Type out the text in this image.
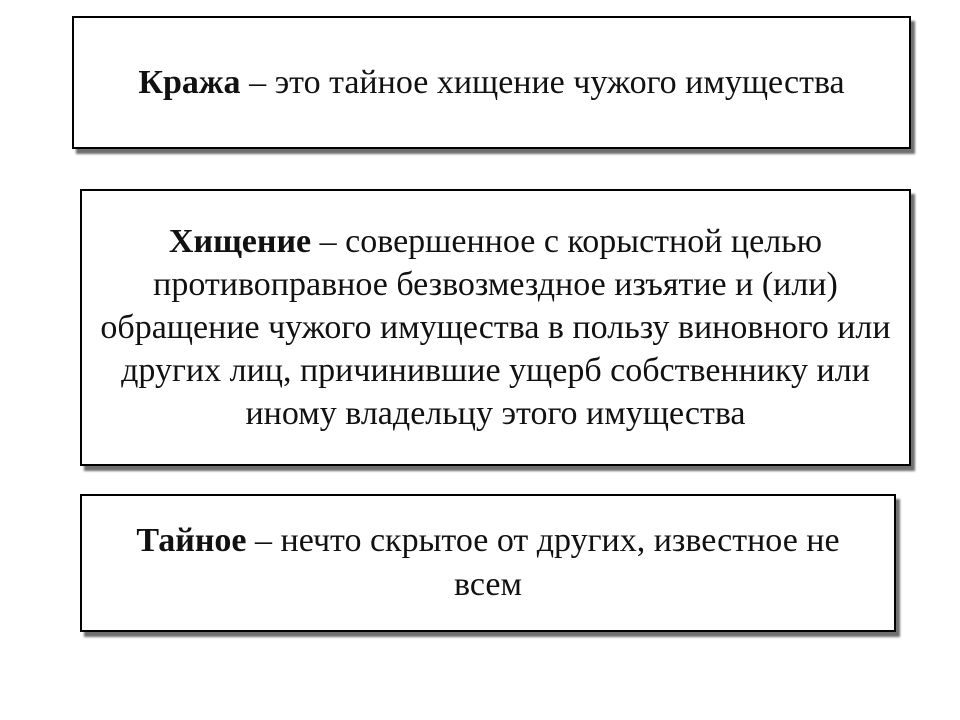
Кража – это тайное хищение чужого имущества

Хищение – совершенное с корыстной целью противоправное безвозмездное изъятие и (или) обращение чужого имущества в пользу виновного или других лиц, причинившие ущерб собственнику или иному владельцу этого имущества

Тайное – нечто скрытое от других, известное не всем
